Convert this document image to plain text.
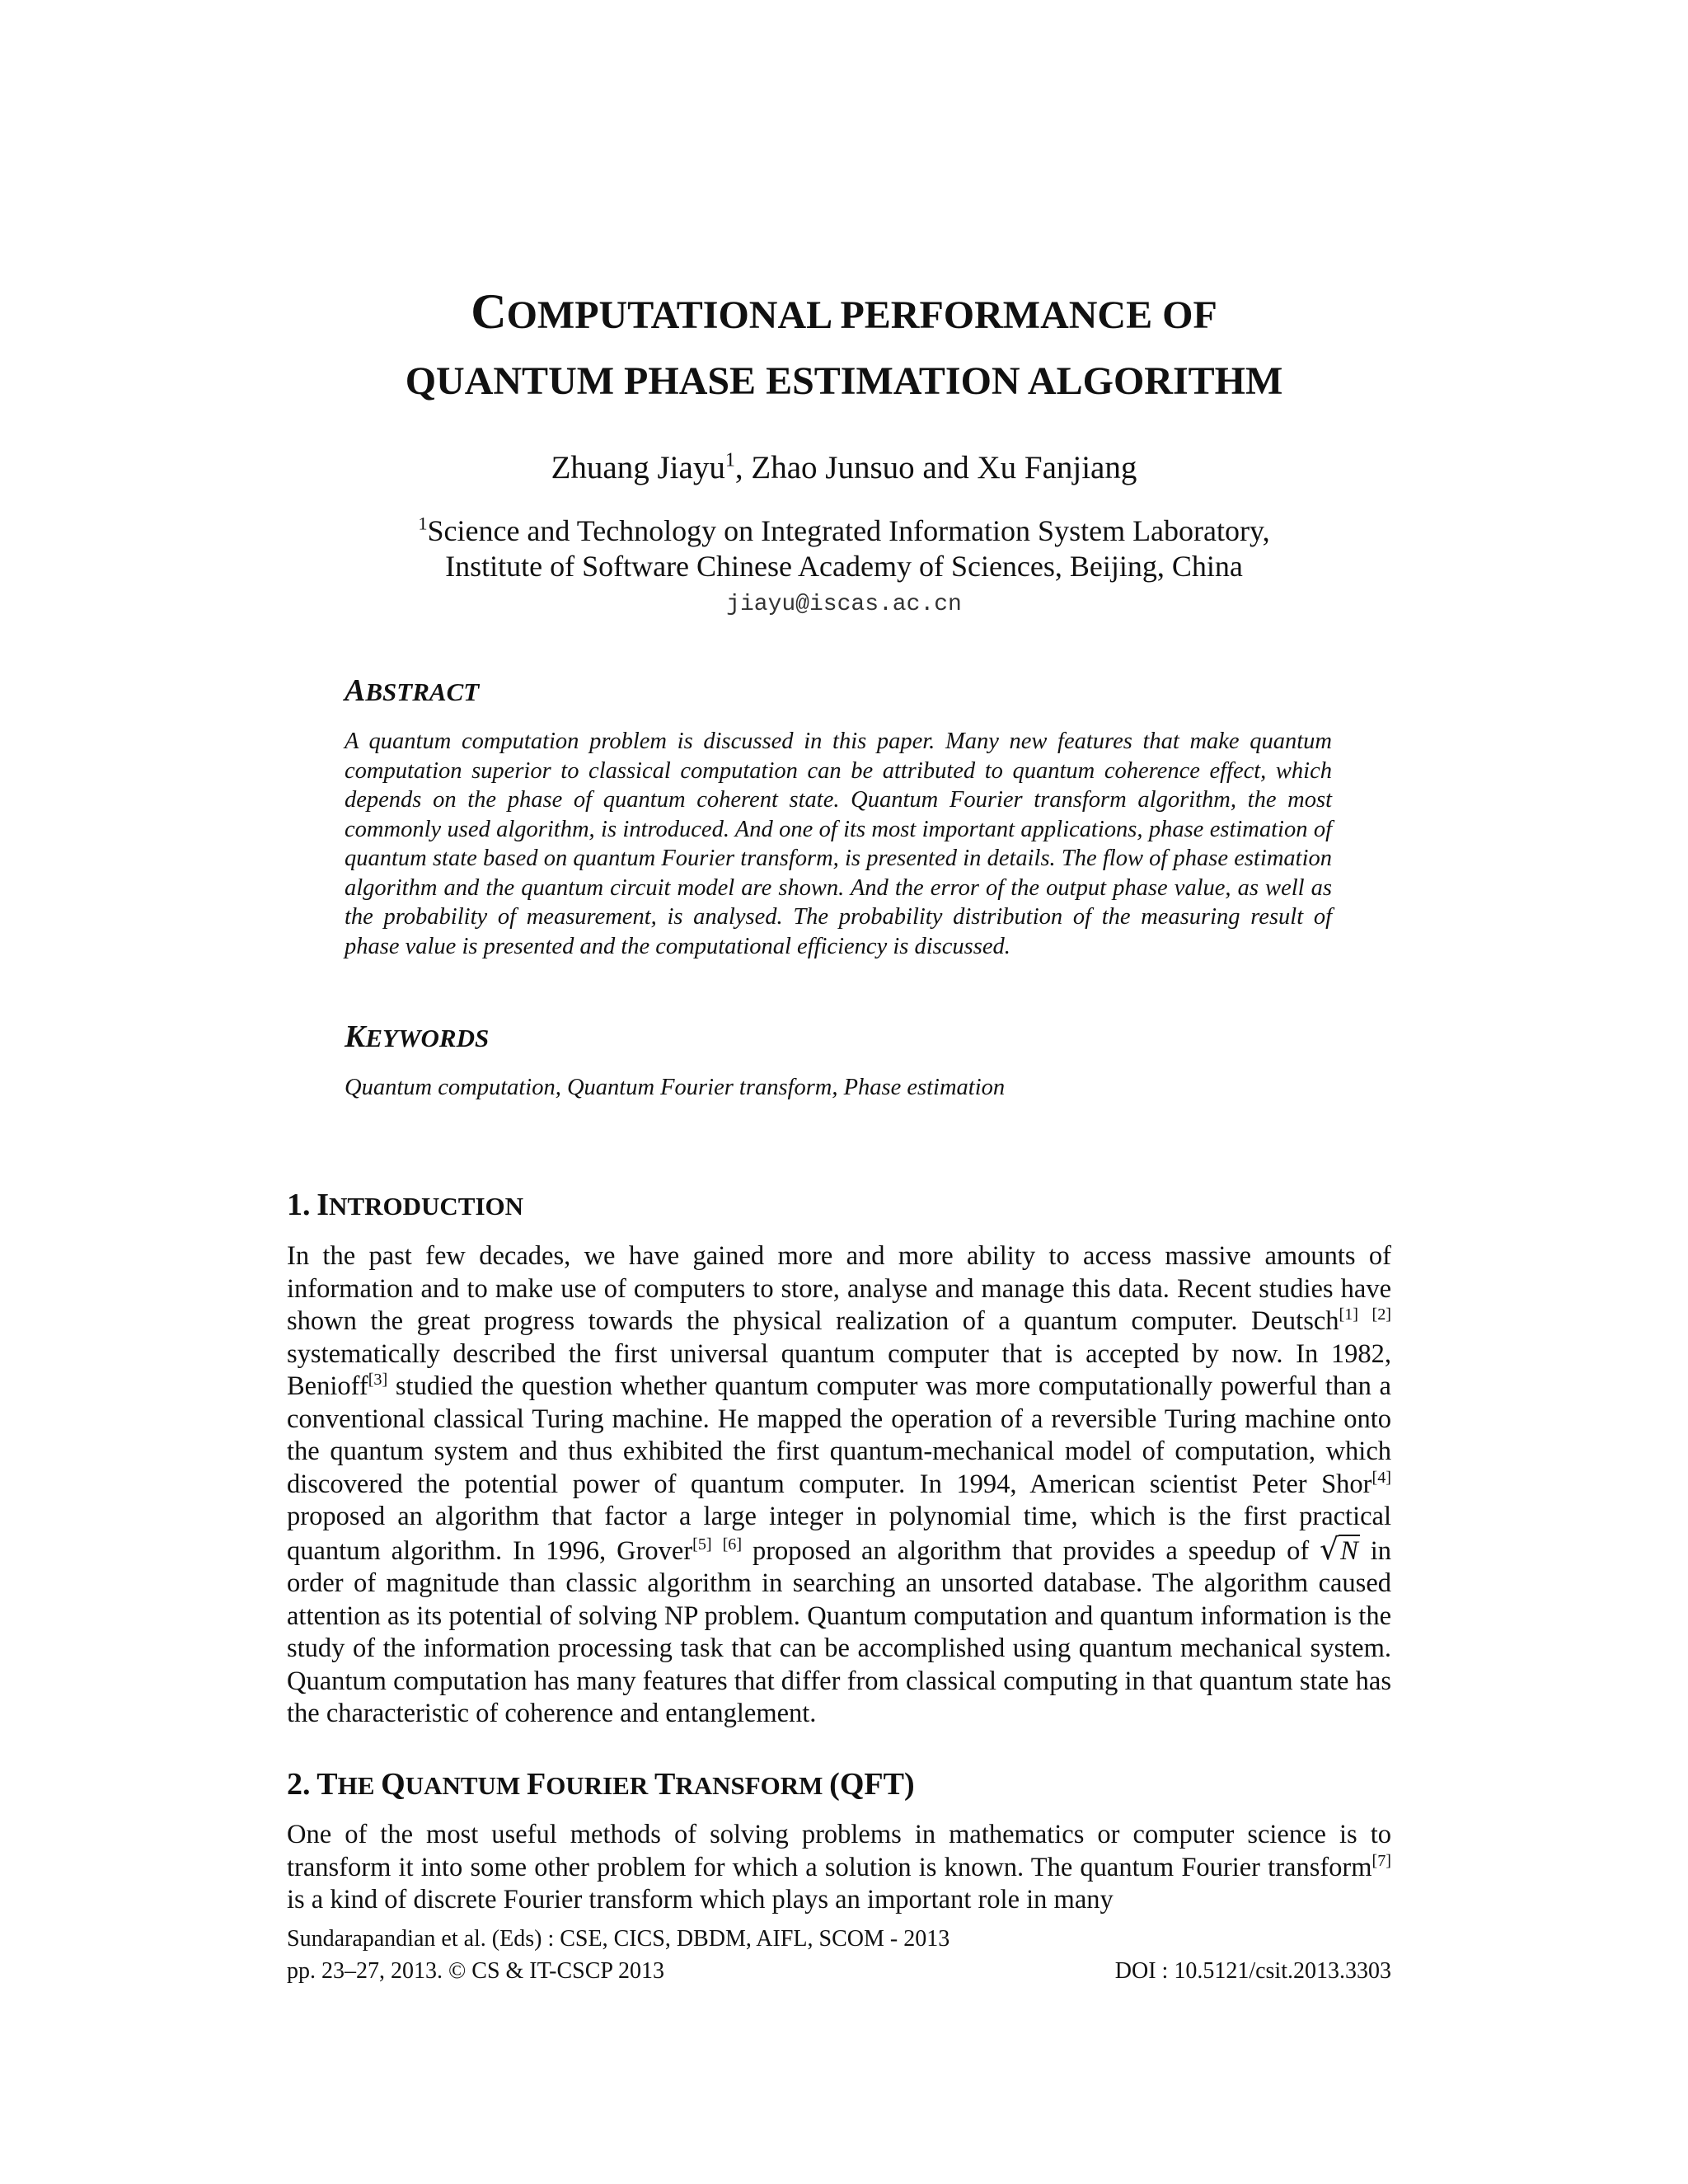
COMPUTATIONAL PERFORMANCE OF
QUANTUM PHASE ESTIMATION ALGORITHM
Zhuang Jiayu$^1$, Zhao Junsuo and Xu Fanjiang
$^1$Science and Technology on Integrated Information System Laboratory,
Institute of Software Chinese Academy of Sciences, Beijing, China
jiayu@iscas.ac.cn
ABSTRACT

A quantum computation problem is discussed in this paper. Many new features that make quantum computation superior to classical computation can be attributed to quantum coherence effect, which depends on the phase of quantum coherent state. Quantum Fourier transform algorithm, the most commonly used algorithm, is introduced. And one of its most important applications, phase estimation of quantum state based on quantum Fourier transform, is presented in details. The flow of phase estimation algorithm and the quantum circuit model are shown. And the error of the output phase value, as well as the probability of measurement, is analysed. The probability distribution of the measuring result of phase value is presented and the computational efficiency is discussed.

KEYWORDS

Quantum computation, Quantum Fourier transform, Phase estimation

1. INTRODUCTION

In the past few decades, we have gained more and more ability to access massive amounts of information and to make use of computers to store, analyse and manage this data. Recent studies have shown the great progress towards the physical realization of a quantum computer. Deutsch[1] [2] systematically described the first universal quantum computer that is accepted by now. In 1982, Benioff[3] studied the question whether quantum computer was more computationally powerful than a conventional classical Turing machine. He mapped the operation of a reversible Turing machine onto the quantum system and thus exhibited the first quantum-mechanical model of computation, which discovered the potential power of quantum computer. In 1994, American scientist Peter Shor[4] proposed an algorithm that factor a large integer in polynomial time, which is the first practical quantum algorithm. In 1996, Grover[5] [6] proposed an algorithm that provides a speedup of √N in order of magnitude than classic algorithm in searching an unsorted database. The algorithm caused attention as its potential of solving NP problem. Quantum computation and quantum information is the study of the information processing task that can be accomplished using quantum mechanical system. Quantum computation has many features that differ from classical computing in that quantum state has the characteristic of coherence and entanglement.

2. THE QUANTUM FOURIER TRANSFORM (QFT)

One of the most useful methods of solving problems in mathematics or computer science is to transform it into some other problem for which a solution is known. The quantum Fourier transform[7] is a kind of discrete Fourier transform which plays an important role in many

Sundarapandian et al. (Eds) : CSE, CICS, DBDM, AIFL, SCOM - 2013
pp. 23–27, 2013. © CS & IT-CSCP 2013	DOI : 10.5121/csit.2013.3303
